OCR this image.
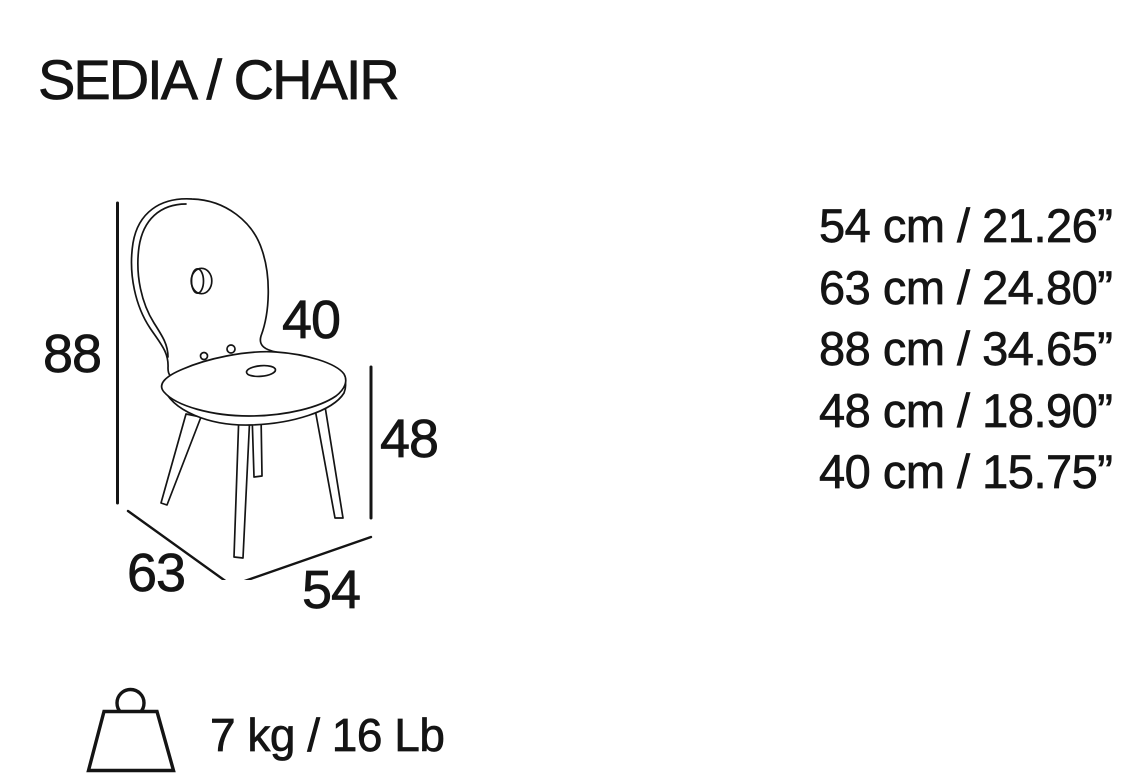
SEDIA / CHAIR
88
40
48
63 54
54 cm / 21.26”
63 cm / 24.80”
88 cm / 34.65”
48 cm / 18.90”
40 cm / 15.75”
7 kg / 16 Lb
